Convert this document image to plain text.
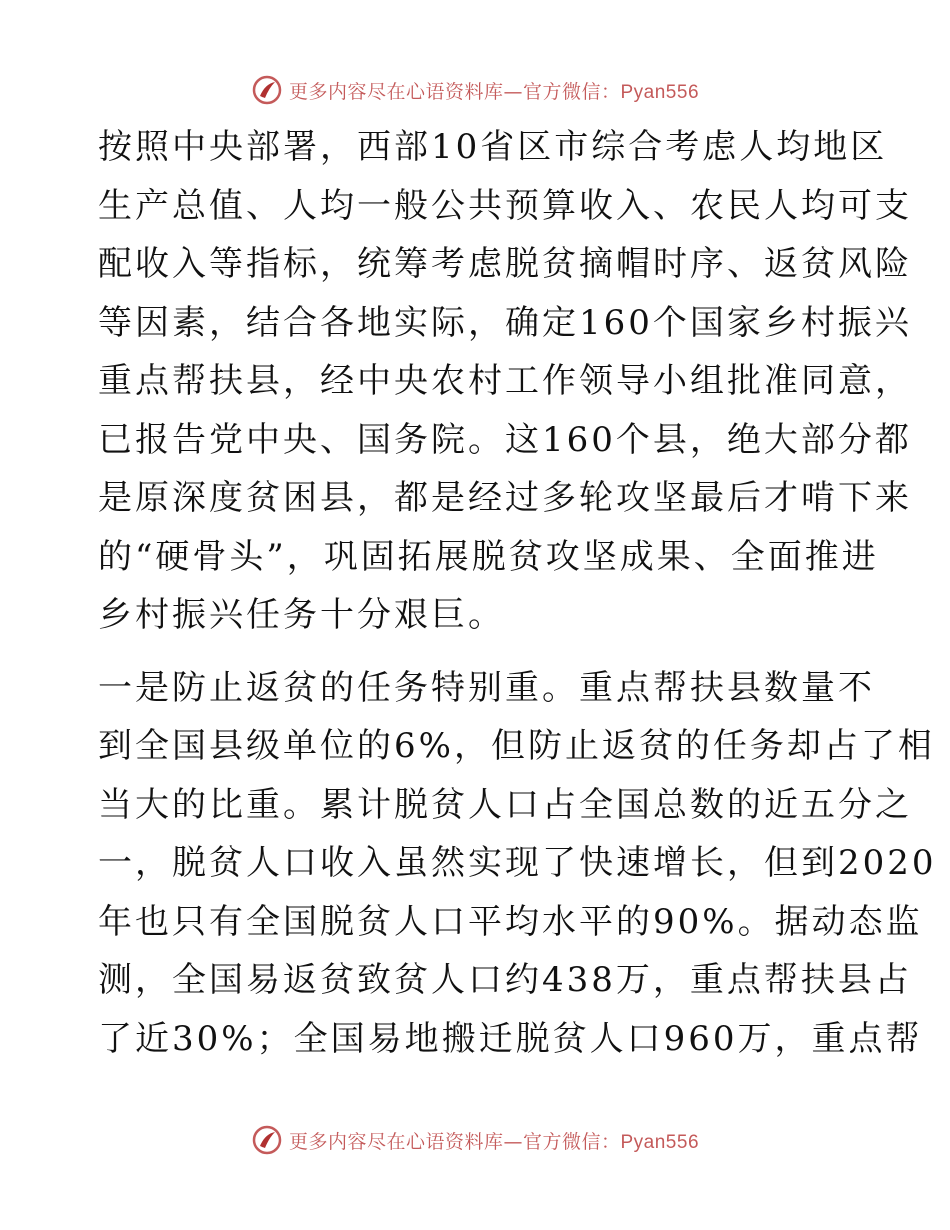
更多内容尽在心语资料库—官方微信：Pyan556
按照中央部署，西部10省区市综合考虑人均地区
生产总值、人均一般公共预算收入、农民人均可支
配收入等指标，统筹考虑脱贫摘帽时序、返贫风险
等因素，结合各地实际，确定160个国家乡村振兴
重点帮扶县，经中央农村工作领导小组批准同意，
已报告党中央、国务院。这160个县，绝大部分都
是原深度贫困县，都是经过多轮攻坚最后才啃下来
的“硬骨头”，巩固拓展脱贫攻坚成果、全面推进
乡村振兴任务十分艰巨。
一是防止返贫的任务特别重。重点帮扶县数量不
到全国县级单位的6%，但防止返贫的任务却占了相
当大的比重。累计脱贫人口占全国总数的近五分之
一，脱贫人口收入虽然实现了快速增长，但到2020
年也只有全国脱贫人口平均水平的90%。据动态监
测，全国易返贫致贫人口约438万，重点帮扶县占
了近30%；全国易地搬迁脱贫人口960万，重点帮
更多内容尽在心语资料库—官方微信：Pyan556
